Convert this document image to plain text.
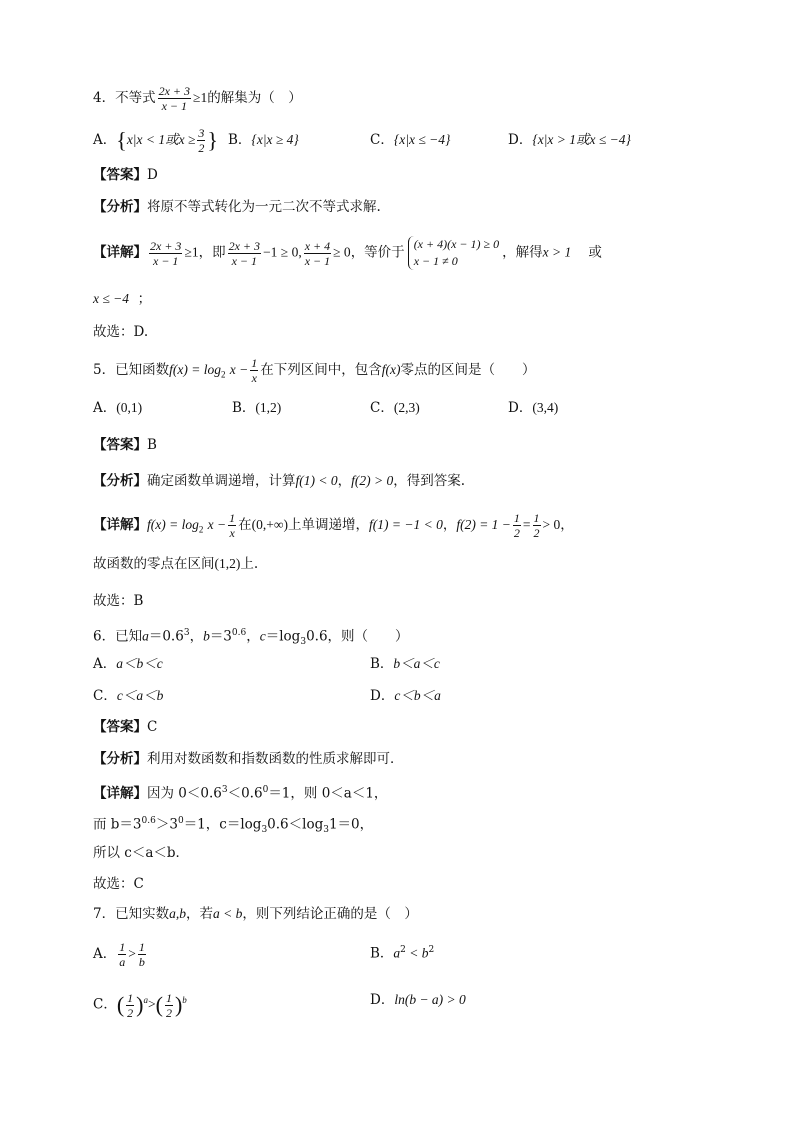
4．不等式 $\frac{2x + 3}{x - 1} \ge 1$的解集为（　）
A．{x|x < 1或$x \ge \frac{3}{2}$ } B．{x|x ≥ 4}	C．{x|x ≤ −4}	D．{x|x > 1或x ≤ −4}
【答案】D
【分析】将原不等式转化为一元二次不等式求解.
【详解】 $\frac{2x + 3}{x - 1} \ge 1$，即 $\frac{2x + 3}{x - 1} -1 \ge 0$, $\frac{x + 4}{x - 1} \ge 0$，等价于
(x + 4)(x − 1) ≥ 0
x − 1 ≠ 0
，解得x > 1 或
x ≤ −4 ；
故选：D.
5．已知函数$f(x) = \log_2 x - \frac{1}{x}$ 在下列区间中，包含f(x)零点的区间是（　　）
A．(0,1)	B．(1,2)	C．(2,3)	D．(3,4)
【答案】B
【分析】确定函数单调递增，计算f(1) < 0，f(2) > 0，得到答案.
【详解】$f(x) = \log_2 x - \frac{1}{x}$ 在(0,+∞)上单调递增，f(1) = −1 < 0，$f(2) = 1 - \frac{1}{2} = \frac{1}{2} > 0$，
故函数的零点在区间(1,2)上.
故选：B
6．已知$a=0.6^3$，$b=3^{0.6}$，$c=\log_30.6$，则（　　）
A．a＜b＜c	B．b＜a＜c
C．c＜a＜b	D．c＜b＜a
【答案】C
【分析】利用对数函数和指数函数的性质求解即可．
【详解】因为 $0<0.6^3<0.6^0=1$，则 0＜a＜1，
而 $b=3^{0.6}>3^0=1$，$c=\log_30.6<\log_31=0$，
所以 c＜a＜b．
故选：C
7．已知实数a,b，若a < b，则下列结论正确的是（　）
A． $\frac{1}{a} > \frac{1}{b}$	B．$a^2 < b^2$
C．( $\frac{1}{2} )^a>( \frac{1}{2} )^b$	D．ln(b − a) > 0
